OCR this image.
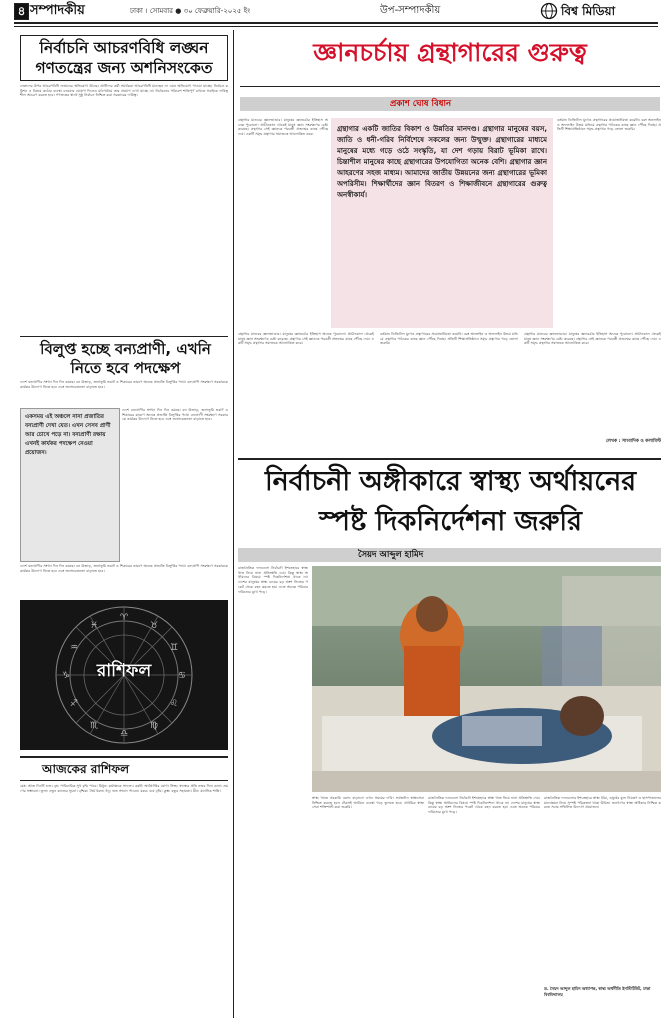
৪ সম্পাদকীয়	ঢাকা । সোমবার ● ৩০ ফেব্রুয়ারি-২০২৫ ইং	উপ-সম্পাদকীয়	বিশ্ব মিডিয়া
নির্বাচনি আচরণবিধি লঙ্ঘন গণতন্ত্রের জন্য অশনিসংকেত
নেতাদের উপর আচরণবিধি লঙ্ঘনের অভিযোগ উঠছে। প্রার্থীদের কর্মী সমর্থকরা আচরণবিধি মানছেন না এমন অভিযোগ পাওয়া যাচ্ছে। নির্বাচন কমিশন এ বিষয়ে কঠোর ব্যবস্থা নেওয়ার ঘোষণা দিলেও মাঠপর্যায়ে তার প্রয়োগ দেখা যাচ্ছে না। নির্বাচনের পরিবেশ শান্তিপূর্ণ রাখতে সবাইকে দায়িত্বশীল আচরণ করতে হবে। গণতন্ত্রের স্বার্থে সুষ্ঠু নির্বাচন নিশ্চিত করা সরকারের দায়িত্ব।
বিলুপ্ত হচ্ছে বন্যপ্রাণী, এখনি নিতে হবে পদক্ষেপ
দেশে বন্যপ্রাণীর সংখ্যা দিন দিন কমছে। বন উজাড়, জলাভূমি ভরাট ও শিকারের কারণে অনেক প্রজাতি বিলুপ্তির পথে। বন্যপ্রাণী সংরক্ষণে সরকারকে কার্যকর উদ্যোগ নিতে হবে এবং জনসচেতনতা বাড়াতে হবে।
একসময় এই অঞ্চলে নানা প্রজাতির বন্যপ্রাণী দেখা যেত। এখন সেসব প্রাণী আর চোখে পড়ে না। বন্যপ্রাণী রক্ষায় এখনই কার্যকর পদক্ষেপ নেওয়া প্রয়োজন।
দেশে বন্যপ্রাণীর সংখ্যা দিন দিন কমছে। বন উজাড়, জলাভূমি ভরাট ও শিকারের কারণে অনেক প্রজাতি বিলুপ্তির পথে। বন্যপ্রাণী সংরক্ষণে সরকারকে কার্যকর উদ্যোগ নিতে হবে এবং জনসচেতনতা বাড়াতে হবে।
দেশে বন্যপ্রাণীর সংখ্যা দিন দিন কমছে। বন উজাড়, জলাভূমি ভরাট ও শিকারের কারণে অনেক প্রজাতি বিলুপ্তির পথে। বন্যপ্রাণী সংরক্ষণে সরকারকে কার্যকর উদ্যোগ নিতে হবে এবং জনসচেতনতা বাড়াতে হবে।
♈
♉
♊
♋
♌
♍
♎
♏
♐
♑
♒
♓
রাশিফল
আজকের রাশিফল
মেষ: আজ দিনটি শুভ। বৃষ: পারিবারিক সুখ বৃদ্ধি পাবে। মিথুন: কর্মক্ষেত্রে সাফল্য। কর্কট: অর্থপ্রাপ্তির যোগ। সিংহ: স্বাস্থ্যের প্রতি নজর দিন। কন্যা: ভ্রমণের সম্ভাবনা। তুলা: নতুন কাজের সূচনা। বৃশ্চিক: ধৈর্য ধরুন। ধনু: শুভ সংবাদ পাবেন। মকর: ব্যয় বৃদ্ধি। কুম্ভ: বন্ধুর সহায়তা। মীন: মানসিক শান্তি।
জ্ঞানচর্চায় গ্রন্থাগারের গুরুত্ব
প্রকাশ ঘোষ বিধান
গ্রন্থাগার মানবের জ্ঞানভাণ্ডার। মানুষের জ্ঞানচর্চার ইতিহাস অনেক পুরোনো। প্রাচীনকাল থেকেই মানুষ জ্ঞান সংরক্ষণের চেষ্টা করেছে। গ্রন্থাগার সেই জ্ঞানকে পরবর্তী প্রজন্মের কাছে পৌঁছে দেয়। একটি সমৃদ্ধ গ্রন্থাগার সমাজকে আলোকিত করে।
গ্রন্থাগার একটি জাতির বিকাশ ও উন্নতির মানদণ্ড। গ্রন্থাগার মানুষের বয়স, জাতি ও ধনী-গরিব নির্বিশেষে সকলের জন্য উন্মুক্ত। গ্রন্থাগারের মাধ্যমে মানুষের মধ্যে গড়ে ওঠে সংস্কৃতি, যা দেশ গড়ায় বিরাট ভূমিকা রাখে। চিন্তাশীল মানুষের কাছে গ্রন্থাগারের উপযোগিতা অনেক বেশি। গ্রন্থাগার জ্ঞান আহরণের সহজ মাধ্যম। আমাদের জাতীয় উন্নয়নের জন্য গ্রন্থাগারের ভূমিকা অপরিসীম। শিক্ষার্থীদের জ্ঞান বিতরণ ও শিক্ষাজীবনে গ্রন্থাগারের গুরুত্ব অনস্বীকার্য।
বর্তমান ডিজিটাল যুগেও গ্রন্থাগারের প্রয়োজনীয়তা কমেনি। বরং অনলাইন ও অফলাইন উভয় মাধ্যমে গ্রন্থাগার পাঠকের কাছে জ্ঞান পৌঁছে দিচ্ছে। প্রতিটি শিক্ষাপ্রতিষ্ঠানে সমৃদ্ধ গ্রন্থাগার গড়ে তোলা জরুরি।
গ্রন্থাগার মানবের জ্ঞানভাণ্ডার। মানুষের জ্ঞানচর্চার ইতিহাস অনেক পুরোনো। প্রাচীনকাল থেকেই মানুষ জ্ঞান সংরক্ষণের চেষ্টা করেছে। গ্রন্থাগার সেই জ্ঞানকে পরবর্তী প্রজন্মের কাছে পৌঁছে দেয়। একটি সমৃদ্ধ গ্রন্থাগার সমাজকে আলোকিত করে।
বর্তমান ডিজিটাল যুগেও গ্রন্থাগারের প্রয়োজনীয়তা কমেনি। বরং অনলাইন ও অফলাইন উভয় মাধ্যমে গ্রন্থাগার পাঠকের কাছে জ্ঞান পৌঁছে দিচ্ছে। প্রতিটি শিক্ষাপ্রতিষ্ঠানে সমৃদ্ধ গ্রন্থাগার গড়ে তোলা জরুরি।
গ্রন্থাগার মানবের জ্ঞানভাণ্ডার। মানুষের জ্ঞানচর্চার ইতিহাস অনেক পুরোনো। প্রাচীনকাল থেকেই মানুষ জ্ঞান সংরক্ষণের চেষ্টা করেছে। গ্রন্থাগার সেই জ্ঞানকে পরবর্তী প্রজন্মের কাছে পৌঁছে দেয়। একটি সমৃদ্ধ গ্রন্থাগার সমাজকে আলোকিত করে।
লেখক : সাংবাদিক ও কলামিস্ট
নির্বাচনী অঙ্গীকারে স্বাস্থ্য অর্থায়নের স্পষ্ট দিকনির্দেশনা জরুরি
সৈয়দ আব্দুল হামিদ
রাজনৈতিক দলগুলো নির্বাচনী ইশতেহারে স্বাস্থ্য খাত নিয়ে নানা প্রতিশ্রুতি দেয়। কিন্তু স্বাস্থ্য অর্থায়নের বিষয়ে স্পষ্ট দিকনির্দেশনা থাকে না। দেশের মানুষের স্বাস্থ্য ব্যয়ের বড় অংশ নিজের পকেট থেকে বহন করতে হয়। এতে অনেক পরিবার দারিদ্র্যের মুখে পড়ে।
স্বাস্থ্য খাতে সরকারি বরাদ্দ বাড়ানো এখন সময়ের দাবি। সর্বজনীন স্বাস্থ্যসেবা নিশ্চিত করতে হলে টেকসই অর্থায়ন ব্যবস্থা গড়ে তুলতে হবে। প্রাথমিক স্বাস্থ্যসেবা শক্তিশালী করা জরুরি।
রাজনৈতিক দলগুলো নির্বাচনী ইশতেহারে স্বাস্থ্য খাত নিয়ে নানা প্রতিশ্রুতি দেয়। কিন্তু স্বাস্থ্য অর্থায়নের বিষয়ে স্পষ্ট দিকনির্দেশনা থাকে না। দেশের মানুষের স্বাস্থ্য ব্যয়ের বড় অংশ নিজের পকেট থেকে বহন করতে হয়। এতে অনেক পরিবার দারিদ্র্যের মুখে পড়ে।
রাজনৈতিক দলগুলোর ইশতেহারে স্বাস্থ্য বীমা, ওষুধের মূল্য নিয়ন্ত্রণ ও হাসপাতালের মানোন্নয়ন নিয়ে সুস্পষ্ট পরিকল্পনা থাকা উচিত। জনগণের স্বাস্থ্য অধিকার নিশ্চিত করতে সবার সম্মিলিত উদ্যোগ প্রয়োজন।
ড. সৈয়দ আব্দুল হামিদ অধ্যাপক, স্বাস্থ্য অর্থনীতি ইনস্টিটিউট, ঢাকা বিশ্ববিদ্যালয়
